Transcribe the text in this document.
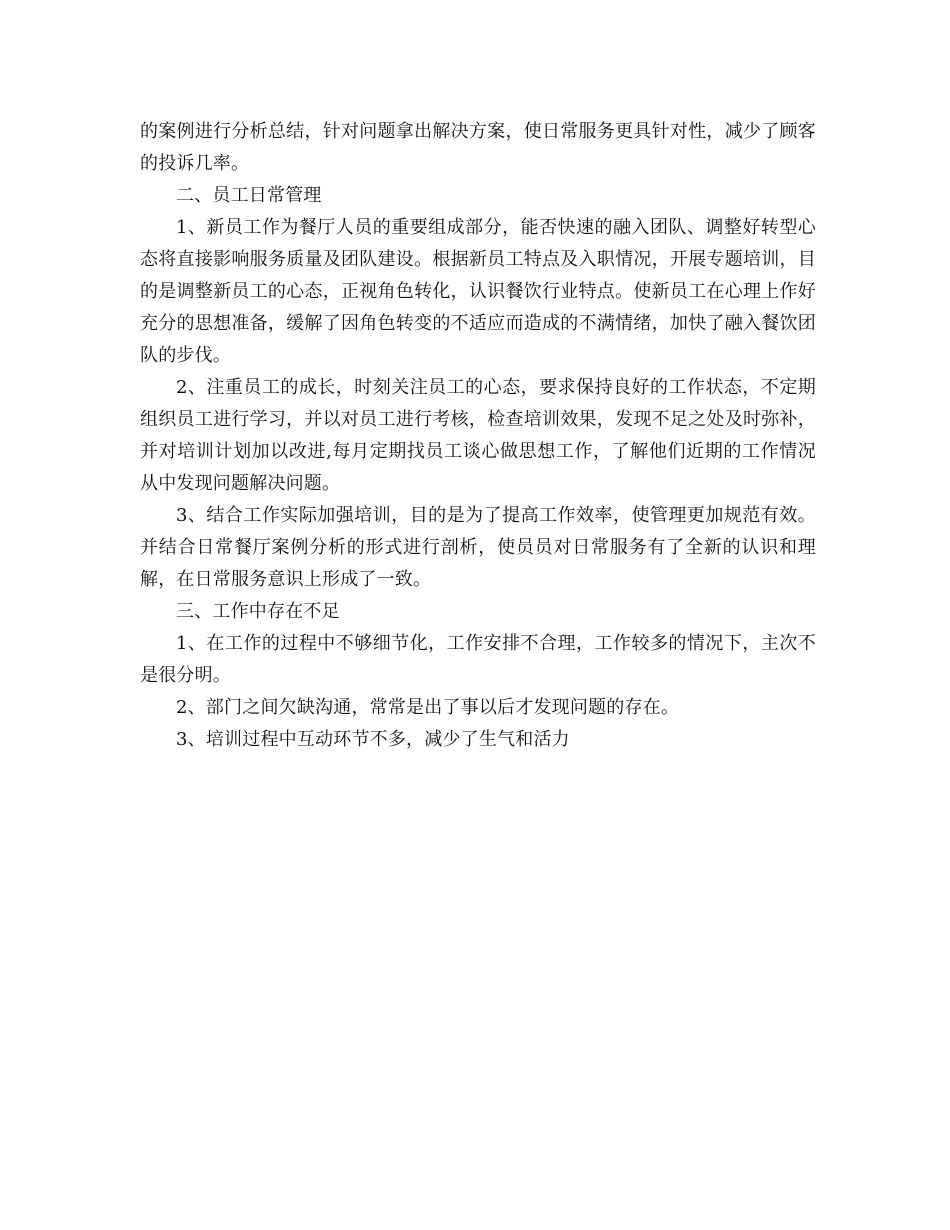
的案例进行分析总结，针对问题拿出解决方案，使日常服务更具针对性，减少了顾客的投诉几率。

二、员工日常管理

1、新员工作为餐厅人员的重要组成部分，能否快速的融入团队、调整好转型心态将直接影响服务质量及团队建设。根据新员工特点及入职情况，开展专题培训，目的是调整新员工的心态，正视角色转化，认识餐饮行业特点。使新员工在心理上作好充分的思想准备，缓解了因角色转变的不适应而造成的不满情绪，加快了融入餐饮团队的步伐。

2、注重员工的成长，时刻关注员工的心态，要求保持良好的工作状态，不定期组织员工进行学习，并以对员工进行考核，检查培训效果，发现不足之处及时弥补，并对培训计划加以改进,每月定期找员工谈心做思想工作，了解他们近期的工作情况从中发现问题解决问题。

3、结合工作实际加强培训，目的是为了提高工作效率，使管理更加规范有效。并结合日常餐厅案例分析的形式进行剖析，使员员对日常服务有了全新的认识和理解，在日常服务意识上形成了一致。

三、工作中存在不足

1、在工作的过程中不够细节化，工作安排不合理，工作较多的情况下，主次不是很分明。

2、部门之间欠缺沟通，常常是出了事以后才发现问题的存在。

3、培训过程中互动环节不多，减少了生气和活力
